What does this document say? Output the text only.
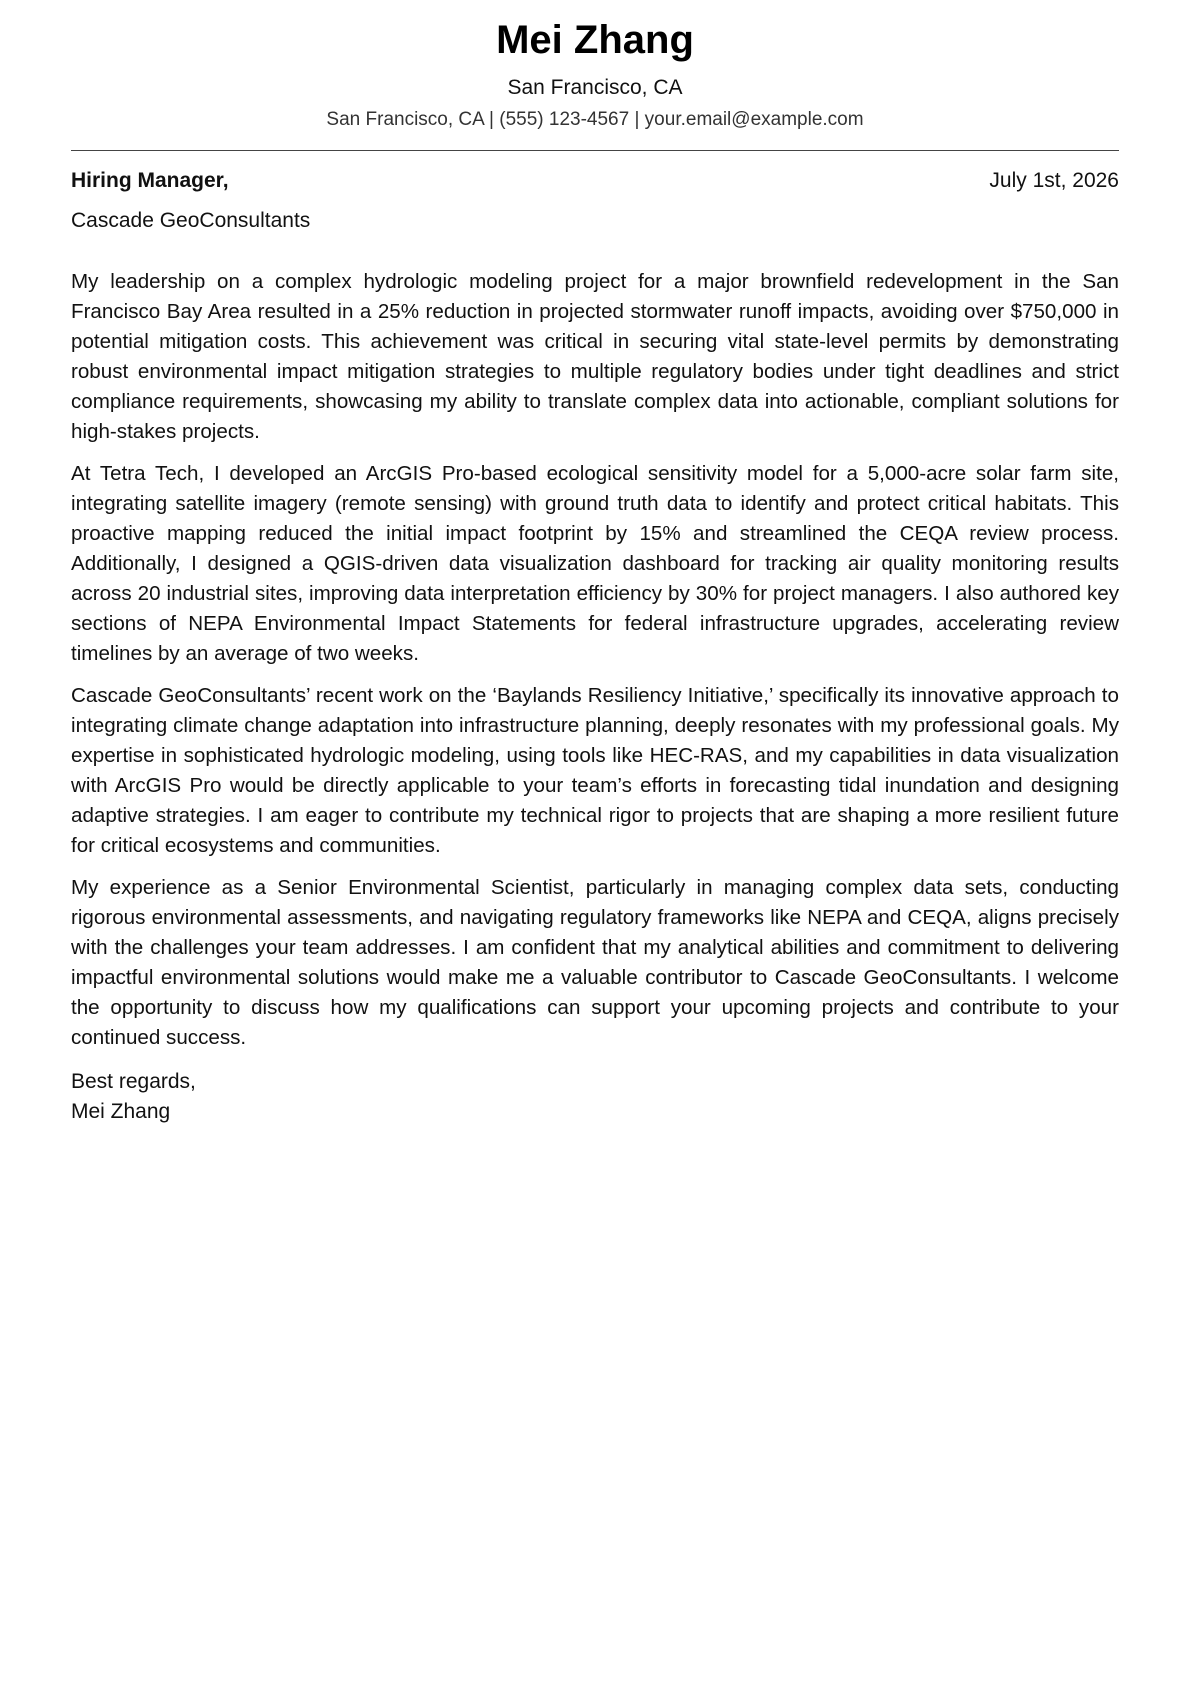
Mei Zhang
San Francisco, CA
San Francisco, CA | (555) 123-4567 | your.email@example.com
Hiring Manager,	July 1st, 2026
Cascade GeoConsultants

My leadership on a complex hydrologic modeling project for a major brownfield redevelopment in the San Francisco Bay Area resulted in a 25% reduction in projected stormwater runoff impacts, avoiding over $750,000 in potential mitigation costs. This achievement was critical in securing vital state-level permits by demonstrating robust environmental impact mitigation strategies to multiple regulatory bodies under tight deadlines and strict compliance requirements, showcasing my ability to translate complex data into actionable, compliant solutions for high-stakes projects.

At Tetra Tech, I developed an ArcGIS Pro-based ecological sensitivity model for a 5,000-acre solar farm site, integrating satellite imagery (remote sensing) with ground truth data to identify and protect critical habitats. This proactive mapping reduced the initial impact footprint by 15% and streamlined the CEQA review process. Additionally, I designed a QGIS-driven data visualization dashboard for tracking air quality monitoring results across 20 industrial sites, improving data interpretation efficiency by 30% for project managers. I also authored key sections of NEPA Environmental Impact Statements for federal infrastructure upgrades, accelerating review timelines by an average of two weeks.

Cascade GeoConsultants’ recent work on the ‘Baylands Resiliency Initiative,’ specifically its innovative approach to integrating climate change adaptation into infrastructure planning, deeply resonates with my professional goals. My expertise in sophisticated hydrologic modeling, using tools like HEC-RAS, and my capabilities in data visualization with ArcGIS Pro would be directly applicable to your team’s efforts in forecasting tidal inundation and designing adaptive strategies. I am eager to contribute my technical rigor to projects that are shaping a more resilient future for critical ecosystems and communities.

My experience as a Senior Environmental Scientist, particularly in managing complex data sets, conducting rigorous environmental assessments, and navigating regulatory frameworks like NEPA and CEQA, aligns precisely with the challenges your team addresses. I am confident that my analytical abilities and commitment to delivering impactful environmental solutions would make me a valuable contributor to Cascade GeoConsultants. I welcome the opportunity to discuss how my qualifications can support your upcoming projects and contribute to your continued success.

Best regards,
Mei Zhang
